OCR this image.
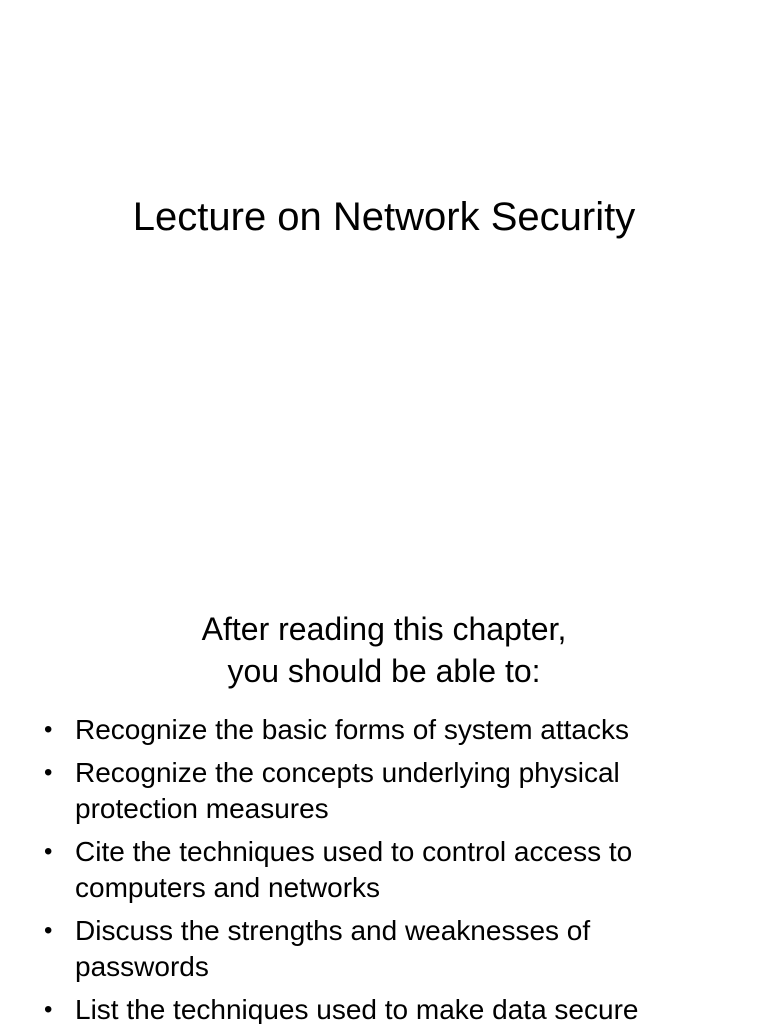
Lecture on Network Security

After reading this chapter,
you should be able to:

• Recognize the basic forms of system attacks
• Recognize the concepts underlying physical protection measures
• Cite the techniques used to control access to computers and networks
• Discuss the strengths and weaknesses of passwords
• List the techniques used to make data secure
